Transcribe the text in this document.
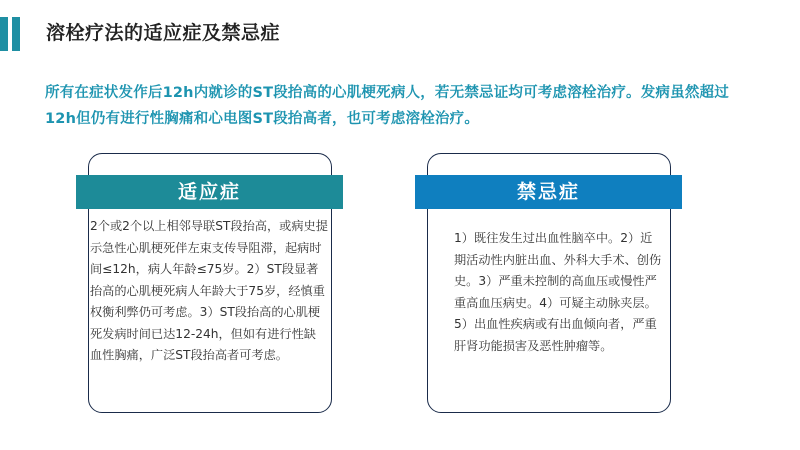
溶栓疗法的适应症及禁忌症
所有在症状发作后12h内就诊的ST段抬高的心肌梗死病人，若无禁忌证均可考虑溶栓治疗。发病虽然超过12h但仍有进行性胸痛和心电图ST段抬高者，也可考虑溶栓治疗。
适应症
2个或2个以上相邻导联ST段抬高，或病史提示急性心肌梗死伴左束支传导阻滞，起病时间≤12h，病人年龄≤75岁。2）ST段显著抬高的心肌梗死病人年龄大于75岁，经慎重权衡利弊仍可考虑。3）ST段抬高的心肌梗死发病时间已达12-24h，但如有进行性缺血性胸痛，广泛ST段抬高者可考虑。
禁忌症
1）既往发生过出血性脑卒中。2）近期活动性内脏出血、外科大手术、创伤史。3）严重未控制的高血压或慢性严重高血压病史。4）可疑主动脉夹层。5）出血性疾病或有出血倾向者，严重肝肾功能损害及恶性肿瘤等。
